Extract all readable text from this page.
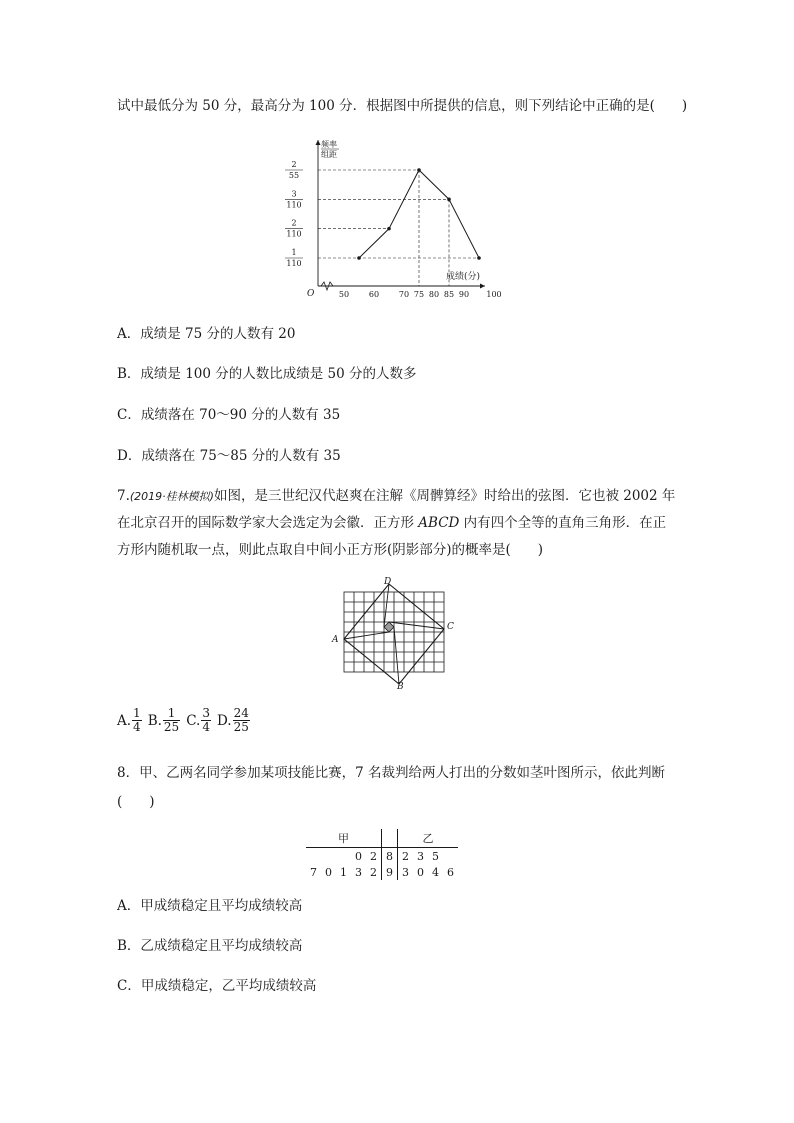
试中最低分为 50 分，最高分为 100 分．根据图中所提供的信息，则下列结论中正确的是(　　)
O
频率
组距
成绩(分)
50 60 70 75 80 85 90 100
1
110
2
110
3
110
2
55
A．成绩是 75 分的人数有 20
B．成绩是 100 分的人数比成绩是 50 分的人数多
C．成绩落在 70～90 分的人数有 35
D．成绩落在 75～85 分的人数有 35
7.(2019·桂林模拟)如图，是三世纪汉代赵爽在注解《周髀算经》时给出的弦图．它也被 2002 年
在北京召开的国际数学家大会选定为会徽．正方形 ABCD 内有四个全等的直角三角形．在正
方形内随机取一点，则此点取自中间小正方形(阴影部分)的概率是(　　)
D
C
A
B
A. $\frac{1}{4} B$. $\frac{1}{25} C$. $\frac{3}{4} D$. $\frac{24}{25}$
8．甲、乙两名同学参加某项技能比赛，7 名裁判给两人打出的分数如茎叶图所示，依此判断
(　　)
甲						乙			
			0	2	8	2	3	5	
7	0	1	3	2	9	3	0	4	6
A．甲成绩稳定且平均成绩较高
B．乙成绩稳定且平均成绩较高
C．甲成绩稳定，乙平均成绩较高
